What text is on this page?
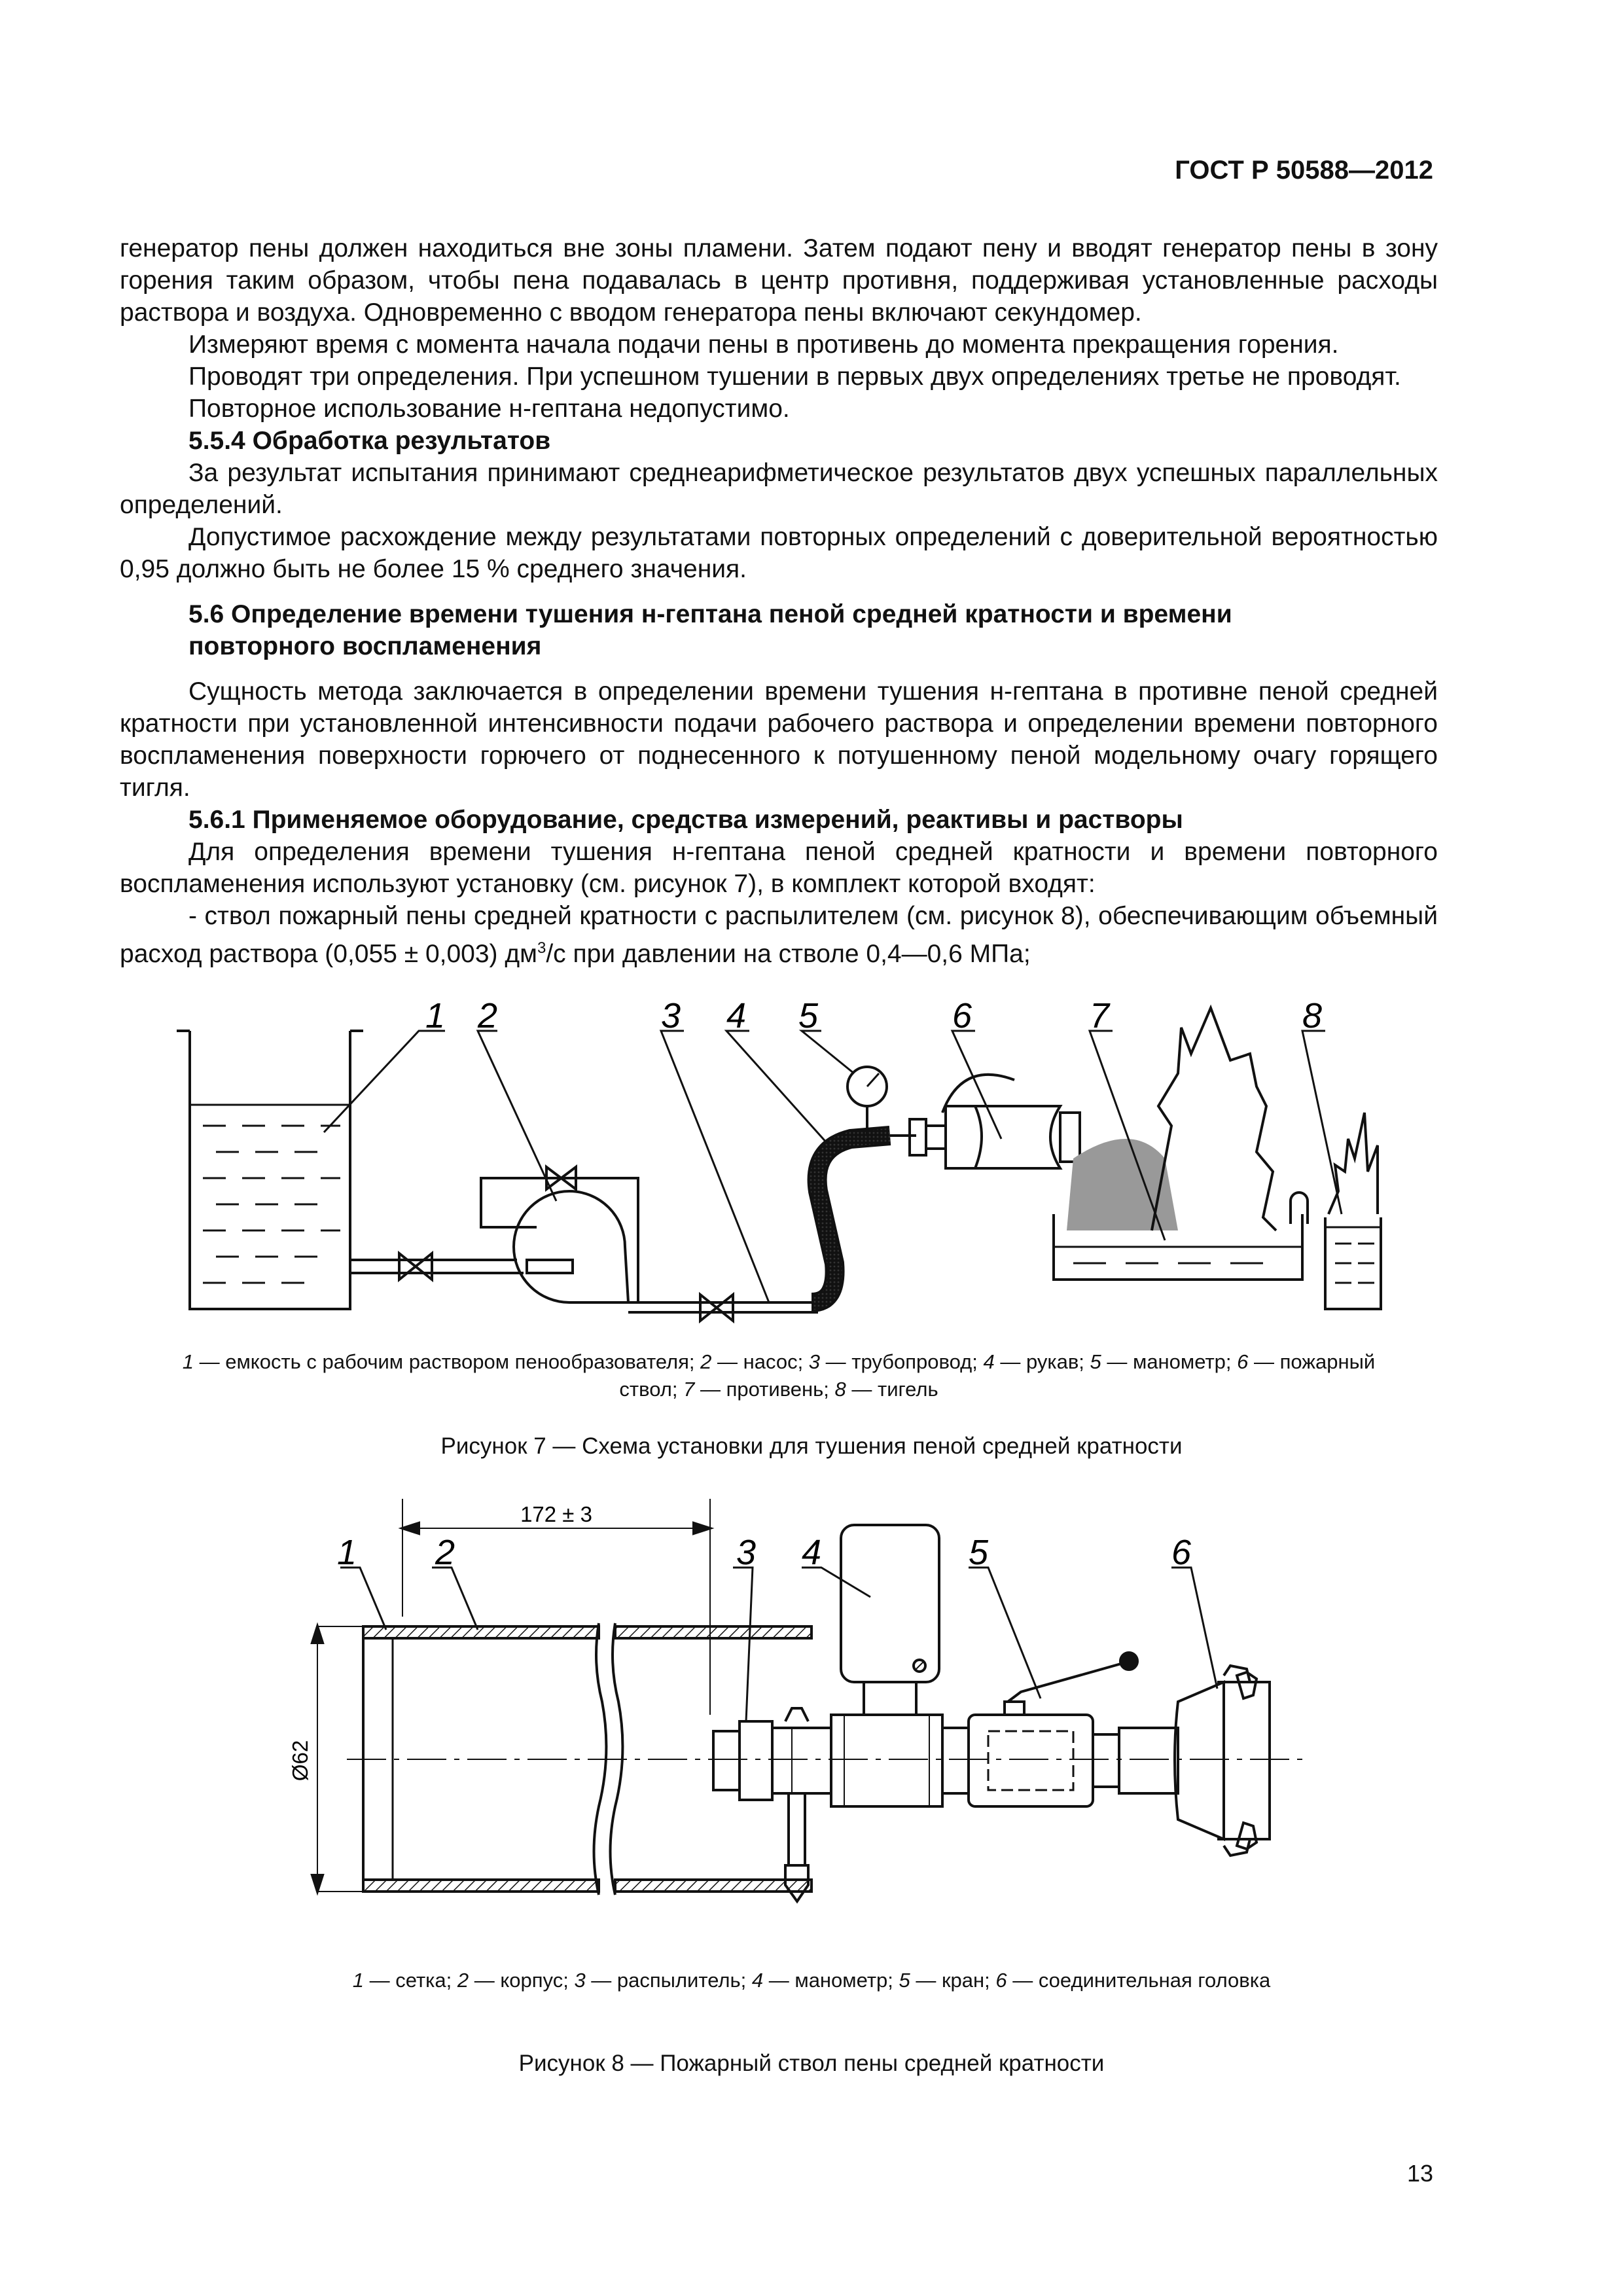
ГОСТ Р 50588—2012

генератор пены должен находиться вне зоны пламени. Затем подают пену и вводят генератор пены в зону горения таким образом, чтобы пена подавалась в центр противня, поддерживая установленные расходы раствора и воздуха. Одновременно с вводом генератора пены включают секундомер.

Измеряют время с момента начала подачи пены в противень до момента прекращения горения.

Проводят три определения. При успешном тушении в первых двух определениях третье не проводят.

Повторное использование н-гептана недопустимо.

5.5.4 Обработка результатов

За результат испытания принимают среднеарифметическое результатов двух успешных параллельных определений.

Допустимое расхождение между результатами повторных определений с доверительной вероятностью 0,95 должно быть не более 15 % среднего значения.

5.6 Определение времени тушения н-гептана пеной средней кратности и времени повторного воспламенения

Сущность метода заключается в определении времени тушения н-гептана в противне пеной средней кратности при установленной интенсивности подачи рабочего раствора и определении времени повторного воспламенения поверхности горючего от поднесенного к потушенному пеной модельному очагу горящего тигля.

5.6.1 Применяемое оборудование, средства измерений, реактивы и растворы

Для определения времени тушения н-гептана пеной средней кратности и времени повторного воспламенения используют установку (см. рисунок 7), в комплект которой входят:

- ствол пожарный пены средней кратности с распылителем (см. рисунок 8), обеспечивающим объемный расход раствора (0,055 ± 0,003) $дм^3/с$ при давлении на стволе 0,4—0,6 МПа;

1 2	3 4 5	6	7	8
1 — емкость с рабочим раствором пенообразователя; 2 — насос; 3 — трубопровод; 4 — рукав; 5 — манометр; 6 — пожарный
ствол; 7 — противень; 8 — тигель
Рисунок 7 — Схема установки для тушения пеной средней кратности
1 2	3 4	5	6
172 ± 3
Ø62
1 — сетка; 2 — корпус; 3 — распылитель; 4 — манометр; 5 — кран; 6 — соединительная головка
Рисунок 8 — Пожарный ствол пены средней кратности
13
